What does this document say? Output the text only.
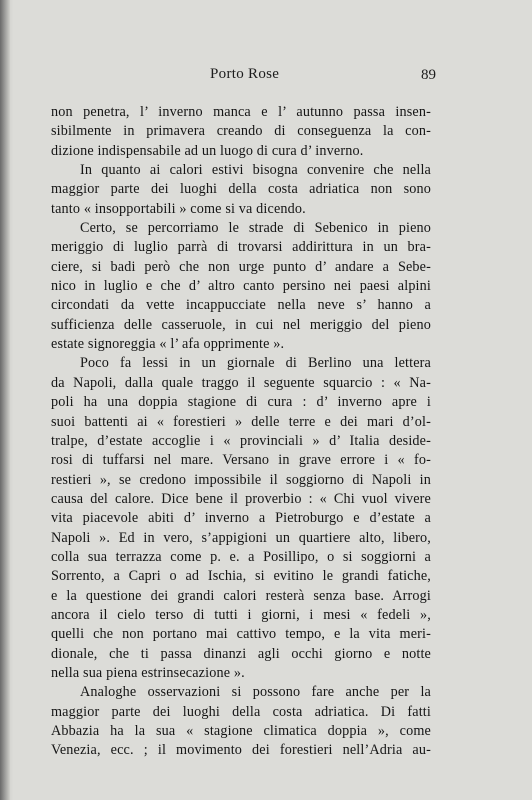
Porto Rose	89
non penetra, l’ inverno manca e l’ autunno passa insen-
sibilmente in primavera creando di conseguenza la con-
dizione indispensabile ad un luogo di cura d’ inverno.
In quanto ai calori estivi bisogna convenire che nella
maggior parte dei luoghi della costa adriatica non sono
tanto « insopportabili » come si va dicendo.
Certo, se percorriamo le strade di Sebenico in pieno
meriggio di luglio parrà di trovarsi addirittura in un bra-
ciere, si badi però che non urge punto d’ andare a Sebe-
nico in luglio e che d’ altro canto persino nei paesi alpini
circondati da vette incappucciate nella neve s’ hanno a
sufficienza delle casseruole, in cui nel meriggio del pieno
estate signoreggia « l’ afa opprimente ».
Poco fa lessi in un giornale di Berlino una lettera
da Napoli, dalla quale traggo il seguente squarcio : « Na-
poli ha una doppia stagione di cura : d’ inverno apre i
suoi battenti ai « forestieri » delle terre e dei mari d’ol-
tralpe, d’estate accoglie i « provinciali » d’ Italia deside-
rosi di tuffarsi nel mare. Versano in grave errore i « fo-
restieri », se credono impossibile il soggiorno di Napoli in
causa del calore. Dice bene il proverbio : « Chi vuol vivere
vita piacevole abiti d’ inverno a Pietroburgo e d’estate a
Napoli ». Ed in vero, s’appigioni un quartiere alto, libero,
colla sua terrazza come p. e. a Posillipo, o si soggiorni a
Sorrento, a Capri o ad Ischia, si evitino le grandi fatiche,
e la questione dei grandi calori resterà senza base. Arrogi
ancora il cielo terso di tutti i giorni, i mesi « fedeli »,
quelli che non portano mai cattivo tempo, e la vita meri-
dionale, che ti passa dinanzi agli occhi giorno e notte
nella sua piena estrinsecazione ».
Analoghe osservazioni si possono fare anche per la
maggior parte dei luoghi della costa adriatica. Di fatti
Abbazia ha la sua « stagione climatica doppia », come
Venezia, ecc. ; il movimento dei forestieri nell’Adria au-
